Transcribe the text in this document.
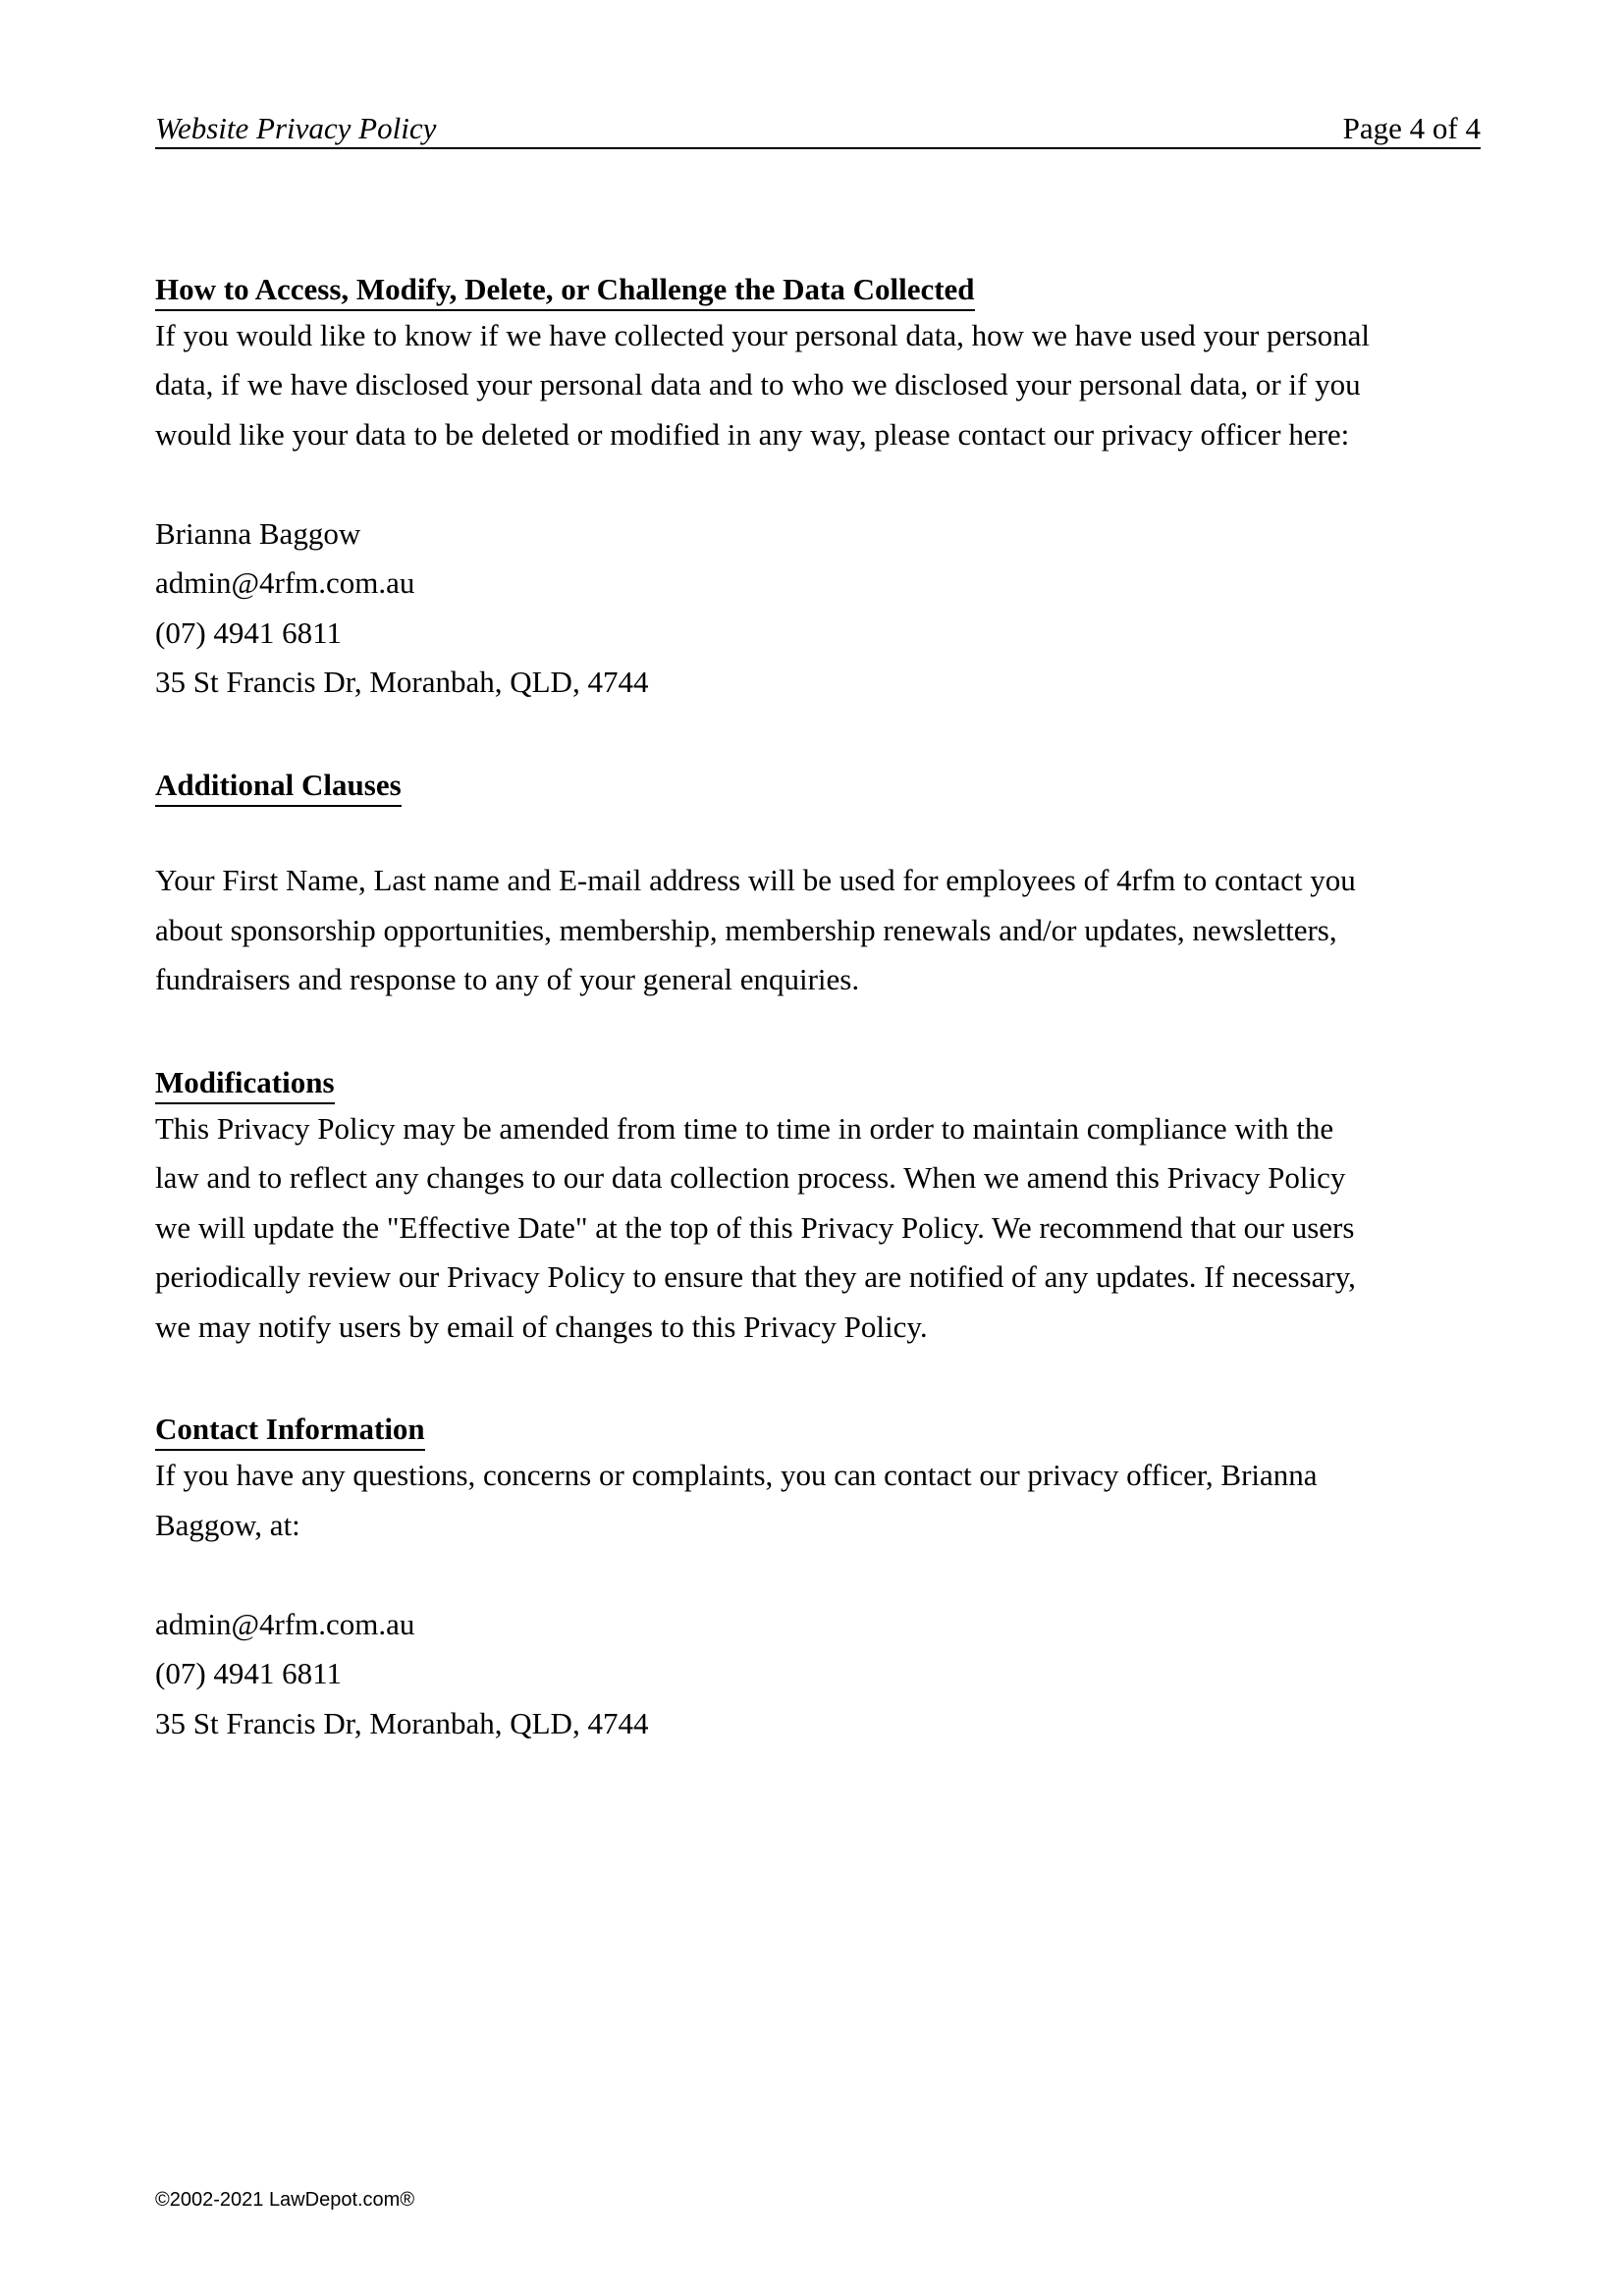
Website Privacy Policy	Page 4 of 4
How to Access, Modify, Delete, or Challenge the Data Collected
If you would like to know if we have collected your personal data, how we have used your personal
data, if we have disclosed your personal data and to who we disclosed your personal data, or if you
would like your data to be deleted or modified in any way, please contact our privacy officer here:
Brianna Baggow
admin@4rfm.com.au
(07) 4941 6811
35 St Francis Dr, Moranbah, QLD, 4744
Additional Clauses
Your First Name, Last name and E-mail address will be used for employees of 4rfm to contact you
about sponsorship opportunities, membership, membership renewals and/or updates, newsletters,
fundraisers and response to any of your general enquiries.
Modifications
This Privacy Policy may be amended from time to time in order to maintain compliance with the
law and to reflect any changes to our data collection process. When we amend this Privacy Policy
we will update the "Effective Date" at the top of this Privacy Policy. We recommend that our users
periodically review our Privacy Policy to ensure that they are notified of any updates. If necessary,
we may notify users by email of changes to this Privacy Policy.
Contact Information
If you have any questions, concerns or complaints, you can contact our privacy officer, Brianna
Baggow, at:
admin@4rfm.com.au
(07) 4941 6811
35 St Francis Dr, Moranbah, QLD, 4744
©2002-2021 LawDepot.com®
